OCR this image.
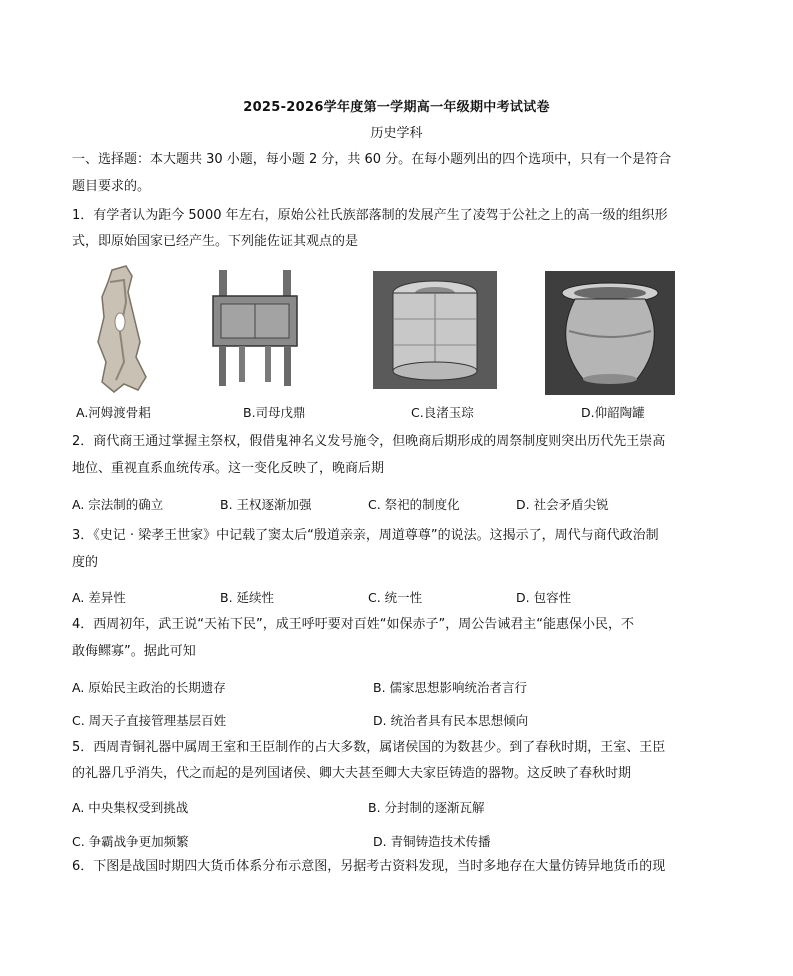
2025-2026学年度第一学期高一年级期中考试试卷
历史学科
一、选择题：本大题共 30 小题，每小题 2 分，共 60 分。在每小题列出的四个选项中，只有一个是符合
题目要求的。
1．有学者认为距今 5000 年左右，原始公社氏族部落制的发展产生了凌驾于公社之上的高一级的组织形
式，即原始国家已经产生。下列能佐证其观点的是
A.河姆渡骨耜	B.司母戊鼎	C.良渚玉琮	D.仰韶陶罐
2．商代商王通过掌握主祭权，假借鬼神名义发号施令，但晚商后期形成的周祭制度则突出历代先王崇高
地位、重视直系血统传承。这一变化反映了，晚商后期
A. 宗法制的确立	B. 王权逐渐加强	C. 祭祀的制度化	D. 社会矛盾尖锐
3．《史记 · 梁孝王世家》中记载了窦太后“殷道亲亲，周道尊尊”的说法。这揭示了，周代与商代政治制
度的
A. 差异性	B. 延续性	C. 统一性	D. 包容性
4．西周初年，武王说“天祐下民”，成王呼吁要对百姓“如保赤子”，周公告诫君主“能惠保小民，不
敢侮鳏寡”。据此可知
A. 原始民主政治的长期遗存	B. 儒家思想影响统治者言行
C. 周天子直接管理基层百姓	D. 统治者具有民本思想倾向
5．西周青铜礼器中属周王室和王臣制作的占大多数，属诸侯国的为数甚少。到了春秋时期，王室、王臣
的礼器几乎消失，代之而起的是列国诸侯、卿大夫甚至卿大夫家臣铸造的器物。这反映了春秋时期
A. 中央集权受到挑战	B. 分封制的逐渐瓦解
C. 争霸战争更加频繁	D. 青铜铸造技术传播
6．下图是战国时期四大货币体系分布示意图，另据考古资料发现，当时多地存在大量仿铸异地货币的现
